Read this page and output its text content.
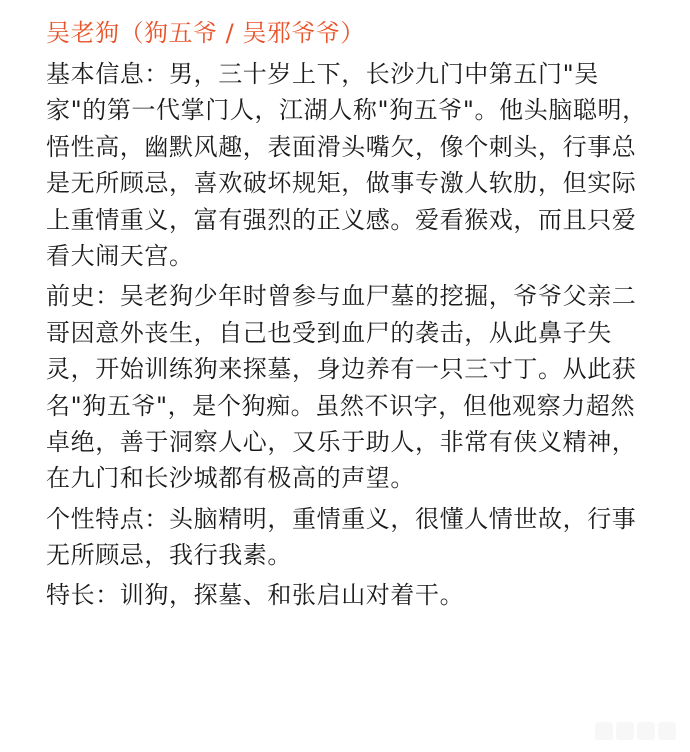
吴老狗（狗五爷 / 吴邪爷爷）
基本信息：男，三十岁上下，长沙九门中第五门"吴
家"的第一代掌门人，江湖人称"狗五爷"。他头脑聪明，
悟性高，幽默风趣，表面滑头嘴欠，像个刺头，行事总
是无所顾忌，喜欢破坏规矩，做事专激人软肋，但实际
上重情重义，富有强烈的正义感。爱看猴戏，而且只爱
看大闹天宫。
前史：吴老狗少年时曾参与血尸墓的挖掘，爷爷父亲二
哥因意外丧生，自己也受到血尸的袭击，从此鼻子失
灵，开始训练狗来探墓，身边养有一只三寸丁。从此获
名"狗五爷"，是个狗痴。虽然不识字，但他观察力超然
卓绝，善于洞察人心，又乐于助人，非常有侠义精神，
在九门和长沙城都有极高的声望。
个性特点：头脑精明，重情重义，很懂人情世故，行事
无所顾忌，我行我素。
特长：训狗，探墓、和张启山对着干。
